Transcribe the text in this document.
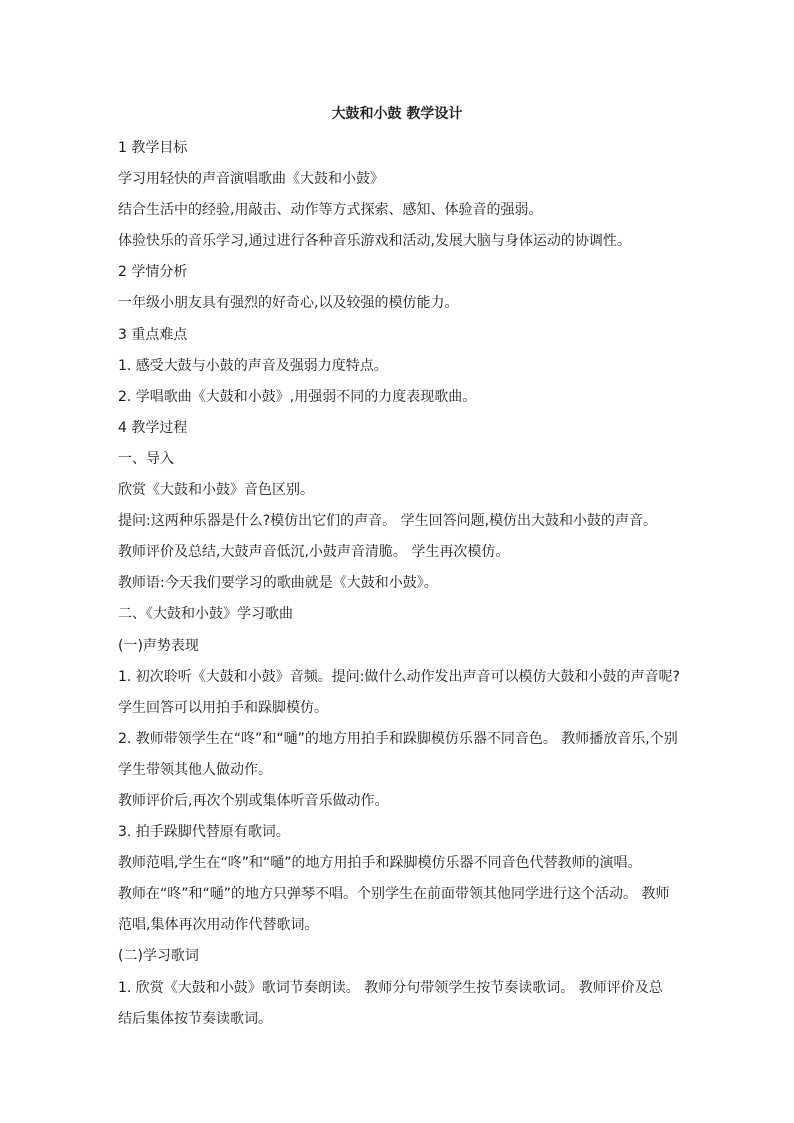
大鼓和小鼓 教学设计
1 教学目标
学习用轻快的声音演唱歌曲《大鼓和小鼓》
结合生活中的经验,用敲击、动作等方式探索、感知、体验音的强弱。
体验快乐的音乐学习,通过进行各种音乐游戏和活动,发展大脑与身体运动的协调性。
2 学情分析
一年级小朋友具有强烈的好奇心,以及较强的模仿能力。
3 重点难点
1. 感受大鼓与小鼓的声音及强弱力度特点。
2. 学唱歌曲《大鼓和小鼓》,用强弱不同的力度表现歌曲。
4 教学过程
一、导入
欣赏《大鼓和小鼓》音色区别。
提问:这两种乐器是什么?模仿出它们的声音。 学生回答问题,模仿出大鼓和小鼓的声音。
教师评价及总结,大鼓声音低沉,小鼓声音清脆。 学生再次模仿。
教师语:今天我们要学习的歌曲就是《大鼓和小鼓》。
二、《大鼓和小鼓》学习歌曲
(一)声势表现
1. 初次聆听《大鼓和小鼓》音频。提问:做什么动作发出声音可以模仿大鼓和小鼓的声音呢?
学生回答可以用拍手和跺脚模仿。
2. 教师带领学生在“咚”和“嗵”的地方用拍手和跺脚模仿乐器不同音色。 教师播放音乐,个别
学生带领其他人做动作。
教师评价后,再次个别或集体听音乐做动作。
3. 拍手跺脚代替原有歌词。
教师范唱,学生在“咚”和“嗵”的地方用拍手和跺脚模仿乐器不同音色代替教师的演唱。
教师在“咚”和“嗵”的地方只弹琴不唱。个别学生在前面带领其他同学进行这个活动。 教师
范唱,集体再次用动作代替歌词。
(二)学习歌词
1. 欣赏《大鼓和小鼓》歌词节奏朗读。 教师分句带领学生按节奏读歌词。 教师评价及总
结后集体按节奏读歌词。
